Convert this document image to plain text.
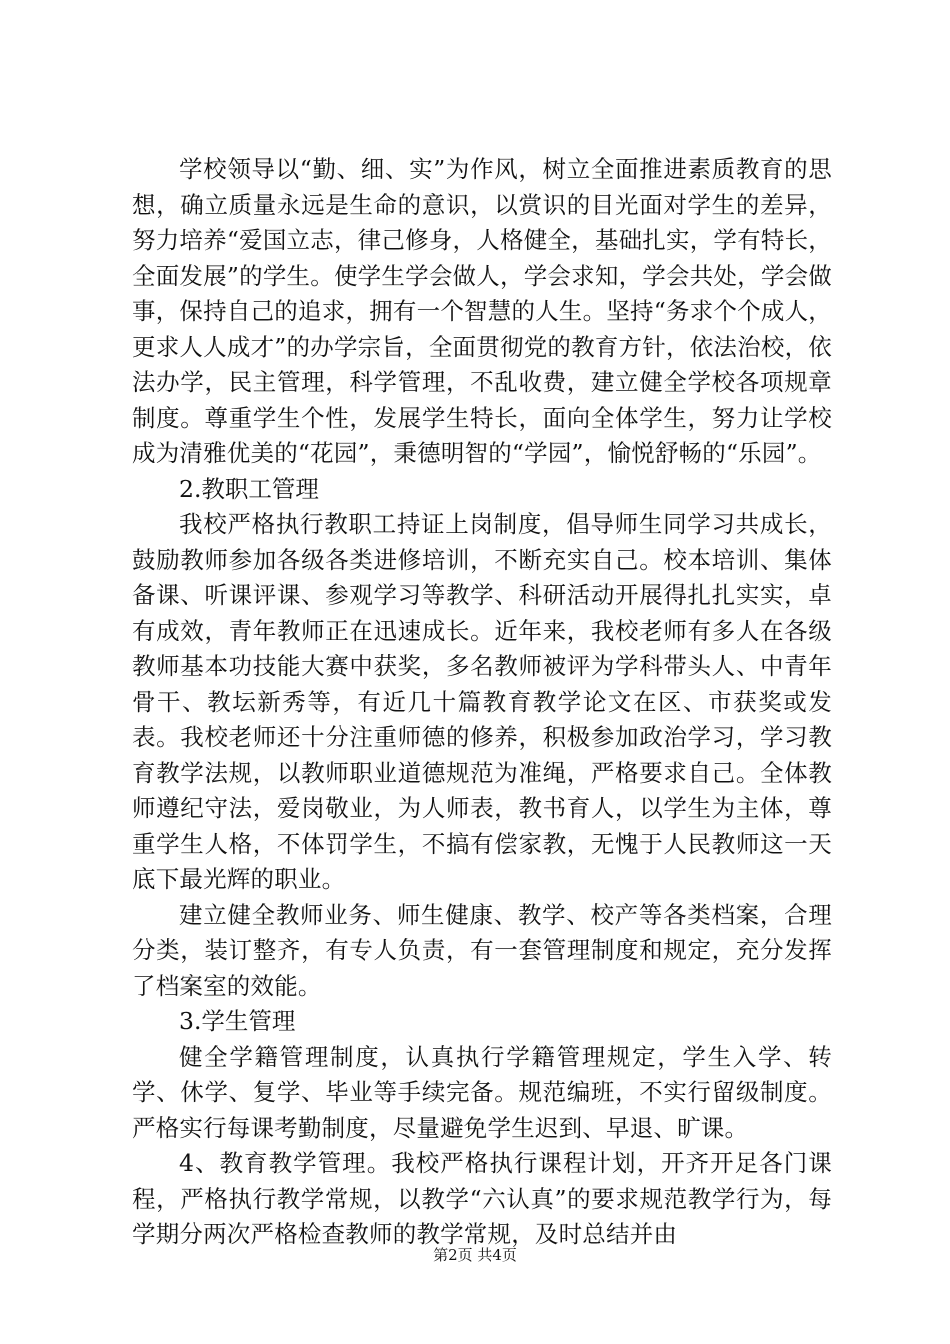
学校领导以“勤、细、实”为作风，树立全面推进素质教育的思想，确立质量永远是生命的意识，以赏识的目光面对学生的差异，努力培养“爱国立志，律己修身，人格健全，基础扎实，学有特长，全面发展”的学生。使学生学会做人，学会求知，学会共处，学会做事，保持自己的追求，拥有一个智慧的人生。坚持“务求个个成人，更求人人成才”的办学宗旨，全面贯彻党的教育方针，依法治校，依法办学，民主管理，科学管理，不乱收费，建立健全学校各项规章制度。尊重学生个性，发展学生特长，面向全体学生，努力让学校成为清雅优美的“花园”，秉德明智的“学园”，愉悦舒畅的“乐园”。

2.教职工管理

我校严格执行教职工持证上岗制度，倡导师生同学习共成长，鼓励教师参加各级各类进修培训，不断充实自己。校本培训、集体备课、听课评课、参观学习等教学、科研活动开展得扎扎实实，卓有成效，青年教师正在迅速成长。近年来，我校老师有多人在各级教师基本功技能大赛中获奖，多名教师被评为学科带头人、中青年骨干、教坛新秀等，有近几十篇教育教学论文在区、市获奖或发表。我校老师还十分注重师德的修养，积极参加政治学习，学习教育教学法规，以教师职业道德规范为准绳，严格要求自己。全体教师遵纪守法，爱岗敬业，为人师表，教书育人，以学生为主体，尊重学生人格，不体罚学生，不搞有偿家教，无愧于人民教师这一天底下最光辉的职业。

建立健全教师业务、师生健康、教学、校产等各类档案，合理分类，装订整齐，有专人负责，有一套管理制度和规定，充分发挥了档案室的效能。

3.学生管理

健全学籍管理制度，认真执行学籍管理规定，学生入学、转学、休学、复学、毕业等手续完备。规范编班，不实行留级制度。严格实行每课考勤制度，尽量避免学生迟到、早退、旷课。

4、教育教学管理。我校严格执行课程计划，开齐开足各门课程，严格执行教学常规，以教学“六认真”的要求规范教学行为，每学期分两次严格检查教师的教学常规，及时总结并由

第2页 共4页
